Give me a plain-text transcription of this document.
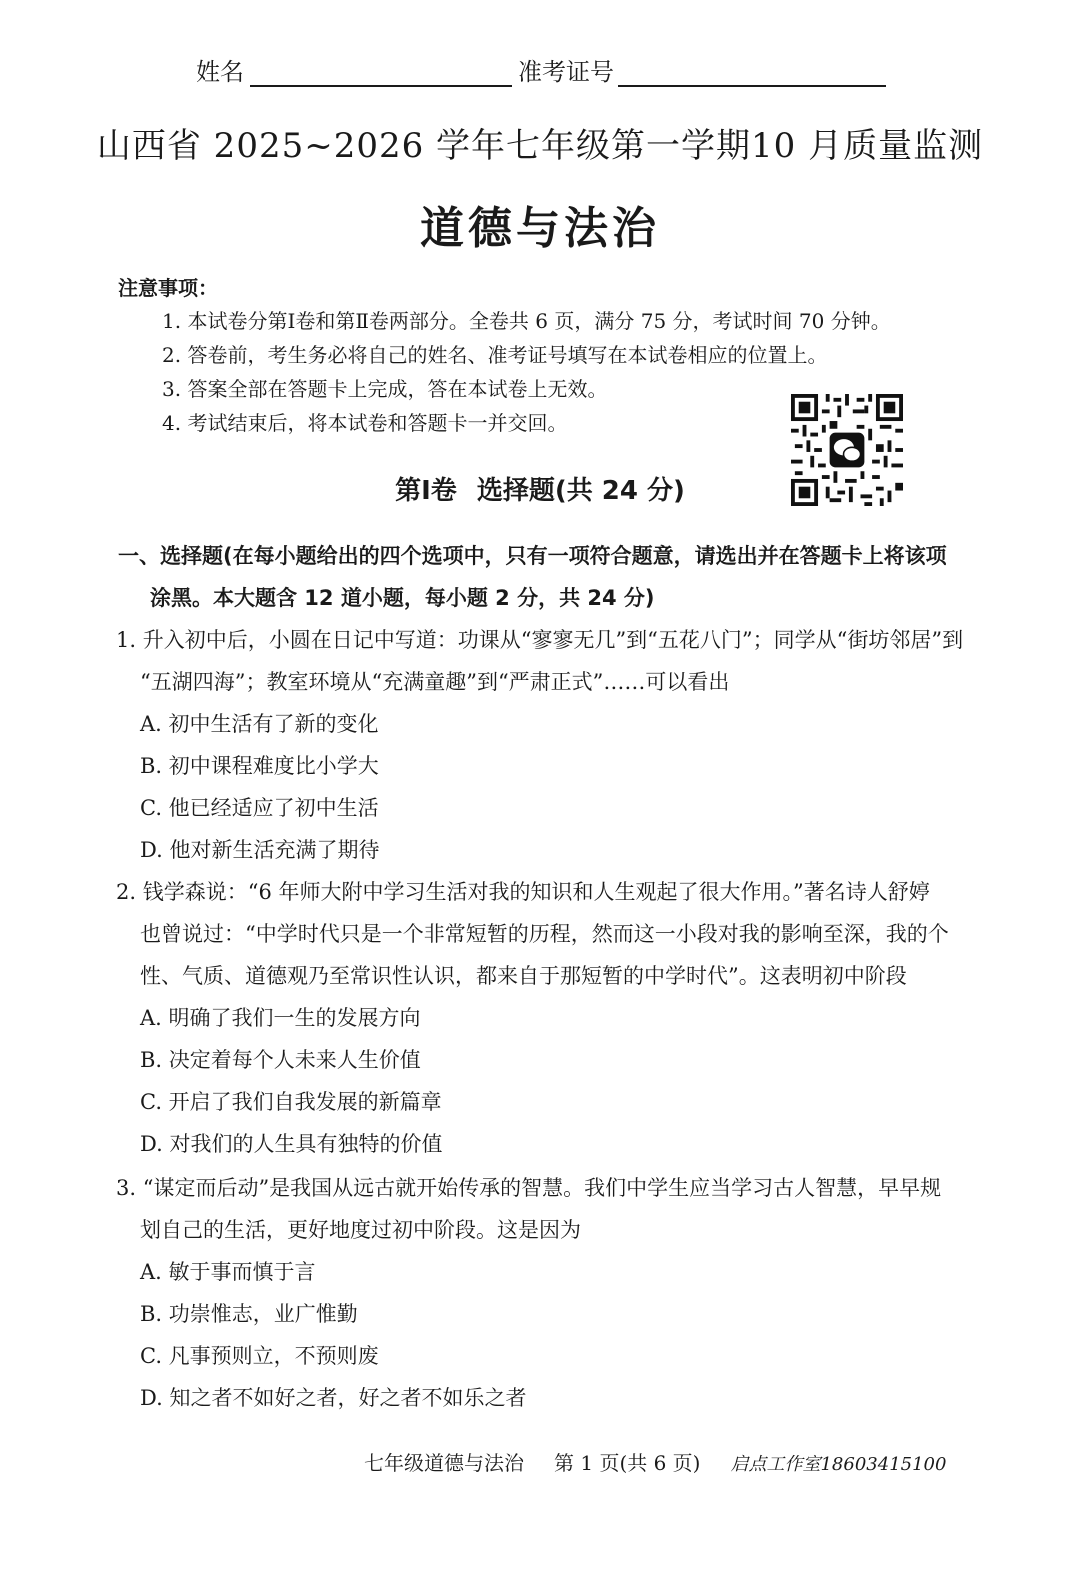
姓名	准考证号
山西省 2025~2026 学年七年级第一学期10 月质量监测
道德与法治
注意事项：
1. 本试卷分第Ⅰ卷和第Ⅱ卷两部分。全卷共 6 页，满分 75 分，考试时间 70 分钟。
2. 答卷前，考生务必将自己的姓名、准考证号填写在本试卷相应的位置上。
3. 答案全部在答题卡上完成，答在本试卷上无效。
4. 考试结束后，将本试卷和答题卡一并交回。
第Ⅰ卷 选择题(共 24 分)
一、选择题(在每小题给出的四个选项中，只有一项符合题意，请选出并在答题卡上将该项
涂黑。本大题含 12 道小题，每小题 2 分，共 24 分)
1. 升入初中后，小圆在日记中写道：功课从“寥寥无几”到“五花八门”；同学从“街坊邻居”到
“五湖四海”；教室环境从“充满童趣”到“严肃正式”……可以看出
A. 初中生活有了新的变化
B. 初中课程难度比小学大
C. 他已经适应了初中生活
D. 他对新生活充满了期待
2. 钱学森说：“6 年师大附中学习生活对我的知识和人生观起了很大作用。”著名诗人舒婷
也曾说过：“中学时代只是一个非常短暂的历程，然而这一小段对我的影响至深，我的个
性、气质、道德观乃至常识性认识，都来自于那短暂的中学时代”。这表明初中阶段
A. 明确了我们一生的发展方向
B. 决定着每个人未来人生价值
C. 开启了我们自我发展的新篇章
D. 对我们的人生具有独特的价值
3. “谋定而后动”是我国从远古就开始传承的智慧。我们中学生应当学习古人智慧，早早规
划自己的生活，更好地度过初中阶段。这是因为
A. 敏于事而慎于言
B. 功崇惟志，业广惟勤
C. 凡事预则立，不预则废
D. 知之者不如好之者，好之者不如乐之者
七年级道德与法治 第 1 页(共 6 页) 启点工作室18603415100
